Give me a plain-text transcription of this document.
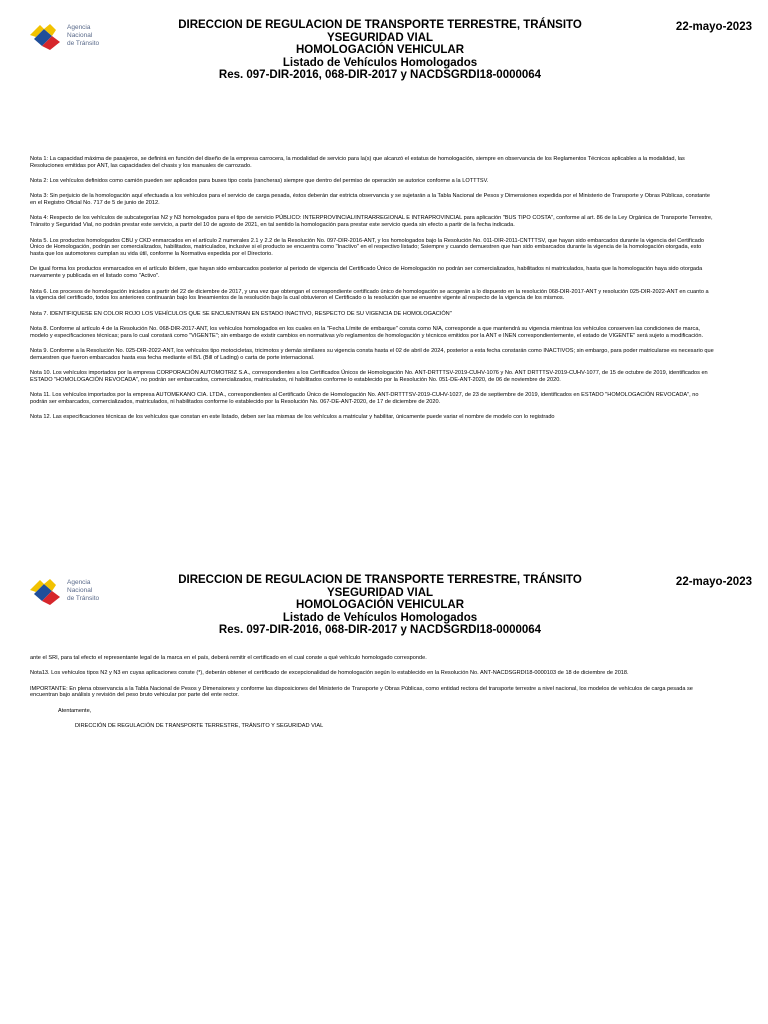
Agencia
Nacional
de Tránsito
DIRECCION DE REGULACION DE TRANSPORTE TERRESTRE, TRÁNSITO YSEGURIDAD VIAL
HOMOLOGACIÓN VEHICULAR
Listado de Vehículos Homologados
Res. 097-DIR-2016, 068-DIR-2017 y NACDSGRDI18-0000064
22-mayo-2023

Nota 1: La capacidad máxima de pasajeros, se definirá en función del diseño de la empresa carrocera, la modalidad de servicio para la(s) que alcanzó el estatus de homologación, siempre en observancia de los Reglamentos Técnicos aplicables a la modalidad, las Resoluciones emitidas por ANT, las capacidades del chasis y los manuales de carrozado.

Nota 2: Los vehículos definidos como camión pueden ser aplicados para buses tipo costa (rancheras) siempre que dentro del permiso de operación se autorice conforme a la LOTTTSV.

Nota 3: Sin perjuicio de la homologación aquí efectuada a los vehículos para el servicio de carga pesada, éstos deberán dar estricta observancia y se sujetarán a la Tabla Nacional de Pesos y Dimensiones expedida por el Ministerio de Transporte y Obras Públicas, constante en el Registro Oficial No. 717 de 5 de junio de 2012.

Nota 4: Respecto de los vehículos de subcategorías N2 y N3 homologados para el tipo de servicio PÚBLICO: INTERPROVINCIAL/INTRARREGIONAL E INTRAPROVINCIAL para aplicación "BUS TIPO COSTA", conforme al art. 86 de la Ley Orgánica de Transporte Terrestre, Tránsito y Seguridad Vial, no podrán prestar este servicio, a partir del 10 de agosto de 2021, en tal sentido la homologación para prestar este servicio queda sin efecto a partir de la fecha indicada.

Nota 5. Los productos homologados CBU y CKD enmarcados en el artículo 2 numerales 2.1 y 2.2 de la Resolución No. 097-DIR-2016-ANT, y los homologados bajo la Resolución No. 011-DIR-2011-CNTTTSV, que hayan sido embarcados durante la vigencia del Certificado Único de Homologación, podrán ser comercializados, habilitados, matriculados, inclusive si el producto se encuentra como "Inactivo" en el respectivo listado; Ssiempre y cuando demuestren que han sido embarcados durante la vigencia de la homologación otorgada, esto hasta que los automotores cumplan su vida útil, conforme la Normativa expedida por el Directorio.

De igual forma los productos enmarcados en el artículo ibídem, que hayan sido embarcados posterior al periodo de vigencia del Certificado Único de Homologación no podrán ser comercializados, habilitados ni matriculados, hasta que la homologación haya sido otorgada nuevamente y publicada en el listado como "Activo".

Nota 6. Los procesos de homologación iniciados a partir del 22 de diciembre de 2017, y una vez que obtengan el correspondiente certificado único de homologación se acogerán a lo dispuesto en la resolución 068-DIR-2017-ANT y resolución 025-DIR-2022-ANT en cuanto a la vigencia del certificado, todos los anteriores continuarán bajo los lineamientos de la resolución bajo la cual obtuvieron el Certificado o la resolución que se enuentre vigente al respecto de la vigencia de los mismos.

Nota 7. IDENTIFIQUESE EN COLOR ROJO LOS VEHÍCULOS QUE SE ENCUENTRAN EN ESTADO INACTIVO, RESPECTO DE SU VIGENCIA DE HOMOLOGACIÓN"

Nota 8. Conforme al artículo 4 de la Resolución No. 068-DIR-2017-ANT, los vehículos homologados en los cuales en la "Fecha Límite de embarque" consta como N/A, corresponde a que mantendrá su vigencia mientras los vehículos conserven las condiciones de marca, modelo y especificaciones técnicas; para lo cual constará como "VIGENTE"; sin embargo de existir cambios en normativas y/o reglamentos de homologación y técnicos emitidos por la ANT e INEN correspondientemente, el estado de VIGENTE" será sujeto a modificación.

Nota 9. Conforme a la Resolución No. 025-DIR-2022-ANT, los vehículos tipo motocicletas, tricimotos y demás similares su vigencia consta hasta el 02 de abril de 2024, posterior a esta fecha constarán como INACTIVOS; sin embargo, para poder matricularse es necesario que demuestren que fueron embarcados hasta esa fecha mediante el B/L (Bill of Lading) o carta de porte internacional.

Nota 10. Los vehículos importados por la empresa CORPORACIÓN AUTOMOTRIZ S.A., correspondientes a los Certificados Únicos de Homologación No. ANT-DRTTTSV-2019-CUHV-1076 y No. ANT DRTTTSV-2019-CUHV-1077, de 15 de octubre de 2019, identificados en ESTADO "HOMOLOGACIÓN REVOCADA", no podrán ser embarcados, comercializados, matriculados, ni habilitados conforme lo establecido por la Resolución No. 051-DE-ANT-2020, de 06 de noviembre de 2020.

Nota 11. Los vehículos importados por la empresa AUTOMEKANO CIA. LTDA., correspondientes al Certificado Único de Homologación No. ANT-DRTTTSV-2019-CUHV-1027, de 23 de septiembre de 2019, identificados en ESTADO "HOMOLOGACIÓN REVOCADA", no podrán ser embarcados, comercializados, matriculados, ni habilitados conforme lo establecido por la Resolución No. 067-DE-ANT-2020, de 17 de diciembre de 2020.

Nota 12. Las especificaciones técnicas de los vehículos que constan en este listado, deben ser las mismas de los vehículos a matricular y habilitar, únicamente puede variar el nombre de modelo con lo registrado

Agencia
Nacional
de Tránsito
DIRECCION DE REGULACION DE TRANSPORTE TERRESTRE, TRÁNSITO YSEGURIDAD VIAL
HOMOLOGACIÓN VEHICULAR
Listado de Vehículos Homologados
Res. 097-DIR-2016, 068-DIR-2017 y NACDSGRDI18-0000064
22-mayo-2023

ante el SRI, para tal efecto el representante legal de la marca en el país, deberá remitir el certificado en el cual conste a qué vehículo homologado corresponde.

Nota13. Los vehículos tipos N2 y N3 en cuyas aplicaciones conste (*), deberán obtener el certificado de excepcionalidad de homologación según lo establecido en la Resolución No. ANT-NACDSGRDI18-0000103 de 18 de diciembre de 2018.

IMPORTANTE: En plena observancia a la Tabla Nacional de Pesos y Dimensiones y conforme las disposiciones del Ministerio de Transporte y Obras Públicas, como entidad rectora del transporte terrestre a nivel nacional, los modelos de vehículos de carga pesada se encuentran bajo análisis y revisión del peso bruto vehicular por parte del ente rector.

Atentamente,

DIRECCIÓN DE REGULACIÓN DE TRANSPORTE TERRESTRE, TRÁNSITO Y SEGURIDAD VIAL
